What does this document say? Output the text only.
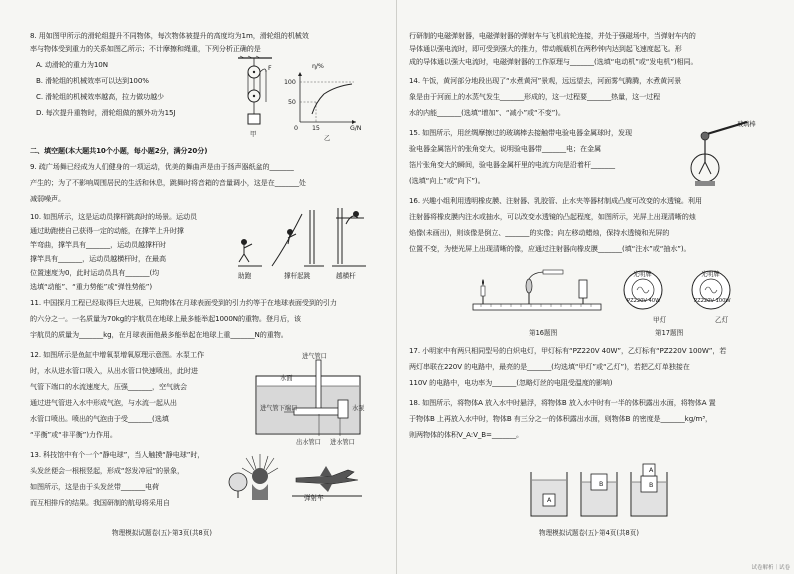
8. 用如图甲所示的滑轮组提升不同物体，每次物体被提升的高度均为1m，滑轮组的机械效
率与物体受到重力的关系如图乙所示；不计摩擦和绳重，下列分析正确的是
A. 动滑轮的重力为10N
B. 滑轮组的机械效率可以达到100%
C. 滑轮组的机械效率越高，拉力做功越少
D. 每次提升重物时，滑轮组做的额外功为15J
F
甲
η/%
100
50
0 15	G/N
乙
二、填空题(本大题共10个小题，每小题2分，满分20分)
9. 疏广场舞已经成为人们健身的一项运动，优美的舞曲声是由于扬声器纸盆的_______
产生的；为了不影响周围居民的生活和休息，跳舞时将音箱的音量调小，这是在_______处
减弱噪声。
10. 如图所示，这是运动员撑杆跳高时的场景。运动员
通过助跑使自己获得一定的动能，在撑竿上升时撑
竿弯曲，撑竿具有_______，运动员越撑杆时
撑竿具有_______，运动员越横杆时，在最高
位置速度为0，此时运动员具有_______(均
选填“动能”、“重力势能”或“弹性势能”)
助跑	撑杆起跳	越横杆
11. 中国探月工程已经取得巨大进展，已知物体在月球表面受到的引力约等于在地球表面受到的引力
的六分之一。一名质量为70kg的宇航员在地球上最多能举起1000N的重物。登月后，该
宇航员的质量为_______kg，在月球表面他最多能举起在地球上重_______N的重物。
12. 如图所示是鱼缸中增氧泵增氧原理示意图。水泵工作
时，水从进水管口吸入，从出水管口快速喷出，此时进
气管下端口的水流速度大，压强_______，空气就会
通过进气管进入水中形成气泡，与水流一起从出
水管口喷出。喷出的气泡由于受_______(选填
“平衡”或“非平衡”)力作用。
进气管口
水面
进气管下端口	水泵
出水管口 进水管口
13. 科技馆中有个一个“静电球”，当人触摸“静电球”时，
头发丝便会一根根竖起，形成“怒发冲冠”的景象，
如图所示，这是由于头发丝带_______电荷
而互相排斥的结果。我国研制的航母将采用自	弹射车
物理模拟试题卷(五)·第3页(共8页)
行研制的电磁弹射器，电磁弹射器的弹射车与飞机前轮连接，并处于强磁场中，当弹射车内的
导体通以强电流时，即可受到强大的推力，带动舰载机在两秒钟内达到起飞速度起飞。形
成的导体通以强大电流时，电磁弹射器的工作原理与_______(选填“电动机”或“发电机”)相同。
14. 午饭，黄河部分地段出现了“水煮黄河”景观，远远望去，河面雾气腾腾，水煮黄河景
象是由于河面上的水蒸气发生_______形成的，这一过程要_______热量，这一过程
水的内能_______(选填“增加”、“减小”或“不变”)。
15. 如图所示，用丝绸摩擦过的玻璃棒去接触带电验电器金属球时，发现
验电器金属箔片的张角变大，说明验电器带_______电；在金属
箔片张角变大的瞬间，验电器金属杆里的电流方向是沿着杆_______
(选填“向上”或“向下”)。
玻璃棒
16. 兴趣小组利用透明橡皮膜、注射器、乳胶管、止水夹等器材制成凸度可改变的水透镜。利用
注射器将橡皮膜内注水或抽水，可以改变水透镜的凸起程度，如图所示，光屏上出现清晰的烛
焰像(未画出)，则该像是倒立、_______的实像；向左移动蜡烛，保持水透镜和光屏的
位置不变，为使光屏上出现清晰的像，应通过注射器向橡皮膜_______(填“注水”或“抽水”)。
第16题图
光明牌
PZ220V 40W
甲灯
光明牌
PZ220V 100W
乙灯
第17题图
17. 小明家中有两只相同型号的白炽电灯，甲灯标有“PZ220V 40W”，乙灯标有“PZ220V 100W”，若
两灯串联在220V 的电路中，最亮的是_______(均选填“甲灯”或“乙灯”)，若把乙灯单独接在
110V 的电路中，电功率为_______(忽略灯丝的电阻受温度的影响)
18. 如图所示，将物体A 放入水中时悬浮，将物体B 放入水中时有一半的体积露出水面，将物体A 置
于物体B 上再放入水中时，物体B 有三分之一的体积露出水面，则物体B 的密度是_______kg/m³，
则两物体的体积V_A:V_B=_______。
A
B
A
B
物理模拟试题卷(五)·第4页(共8页)
试卷解析｜试卷
